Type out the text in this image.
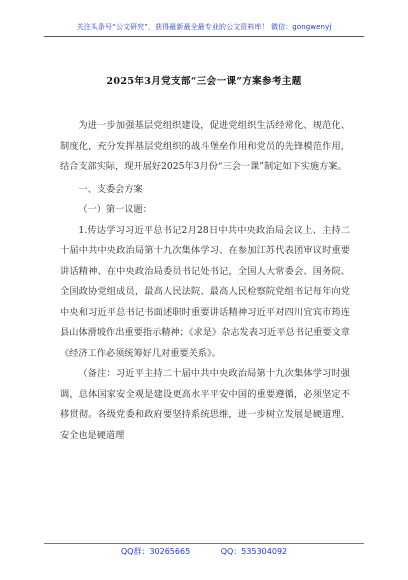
关注头条号“公文研究”，获得最新最全最专业的公文资料库！ 微信：gongwenyj
2025年3月党支部“三会一课”方案参考主题

为进一步加强基层党组织建设，促进党组织生活经常化、规范化、制度化，充分发挥基层党组织的战斗堡垒作用和党员的先锋模范作用，结合支部实际，现开展好2025年3月份“三会一课”制定如下实施方案。

一、支委会方案

（一）第一议题：

1.传达学习习近平总书记2月28日中共中央政治局会议上、主持二十届中共中央政治局第十九次集体学习、在参加江苏代表团审议时重要讲话精神、在中央政治局委员书记处书记，全国人大常委会、国务院、全国政协党组成员，最高人民法院、最高人民检察院党组书记每年向党中央和习近平总书记书面述职时重要讲话精神习近平对四川宜宾市筠连县山体滑坡作出重要指示精神；《求是》杂志发表习近平总书记重要文章《经济工作必须统筹好几对重要关系》。

（备注：习近平主持二十届中共中央政治局第十九次集体学习时强调，总体国家安全观是建设更高水平平安中国的重要遵循，必须坚定不移贯彻。各级党委和政府要坚持系统思维，进一步树立发展是硬道理、安全也是硬道理

QQ群：30265665	QQ：535304092
